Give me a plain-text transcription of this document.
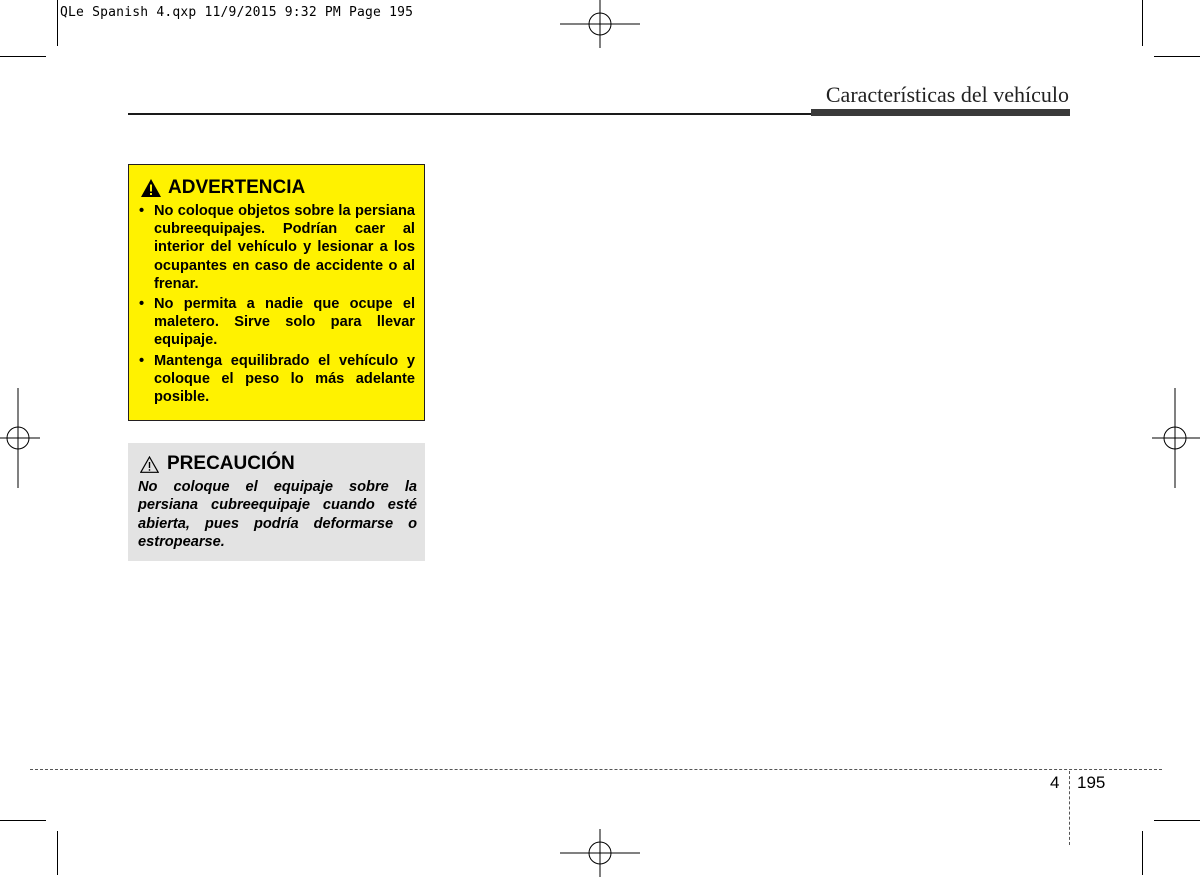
QLe Spanish 4.qxp 11/9/2015 9:32 PM Page 195
Características del vehículo
ADVERTENCIA
• No coloque objetos sobre la persiana cubreequipajes. Podrían caer al interior del vehículo y lesionar a los ocupantes en caso de accidente o al frenar.
• No permita a nadie que ocupe el maletero. Sirve solo para llevar equipaje.
• Mantenga equilibrado el vehículo y coloque el peso lo más adelante posible.
PRECAUCIÓN
No coloque el equipaje sobre la persiana cubreequipaje cuando esté abierta, pues podría deformarse o estropearse.
4 195
